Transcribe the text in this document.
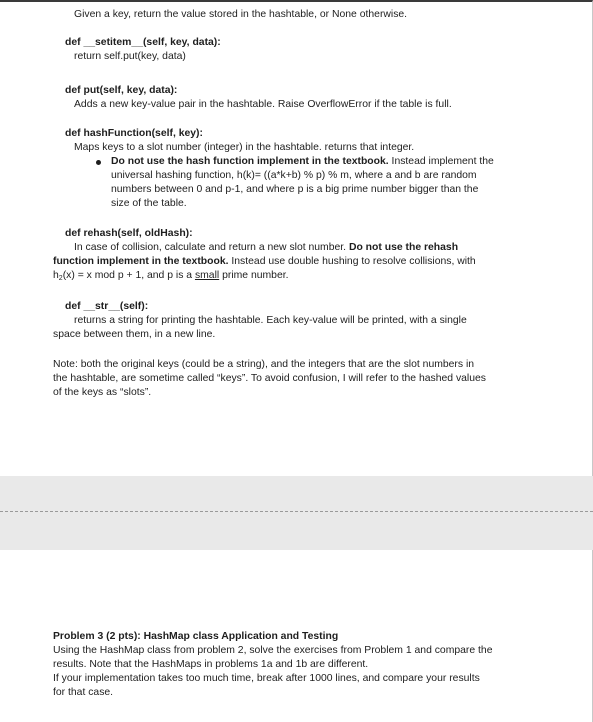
Given a key, return the value stored in the hashtable, or None otherwise.
def __setitem__(self, key, data):
return self.put(key, data)
def put(self, key, data):
Adds a new key-value pair in the hashtable. Raise OverflowError if the table is full.
def hashFunction(self, key):
Maps keys to a slot number (integer) in the hashtable. returns that integer.
Do not use the hash function implement in the textbook. Instead implement the
universal hashing function, h(k)= ((a*k+b) % p) % m, where a and b are random
numbers between 0 and p-1, and where p is a big prime number bigger than the
size of the table.
def rehash(self, oldHash):
In case of collision, calculate and return a new slot number. Do not use the rehash
function implement in the textbook. Instead use double hushing to resolve collisions, with
$h_2(x) = x$ mod p + 1, and p is a small prime number.
def __str__(self):
returns a string for printing the hashtable. Each key-value will be printed, with a single
space between them, in a new line.
Note: both the original keys (could be a string), and the integers that are the slot numbers in
the hashtable, are sometime called “keys”. To avoid confusion, I will refer to the hashed values
of the keys as “slots”.
Problem 3 (2 pts): HashMap class Application and Testing
Using the HashMap class from problem 2, solve the exercises from Problem 1 and compare the
results. Note that the HashMaps in problems 1a and 1b are different.
If your implementation takes too much time, break after 1000 lines, and compare your results
for that case.
